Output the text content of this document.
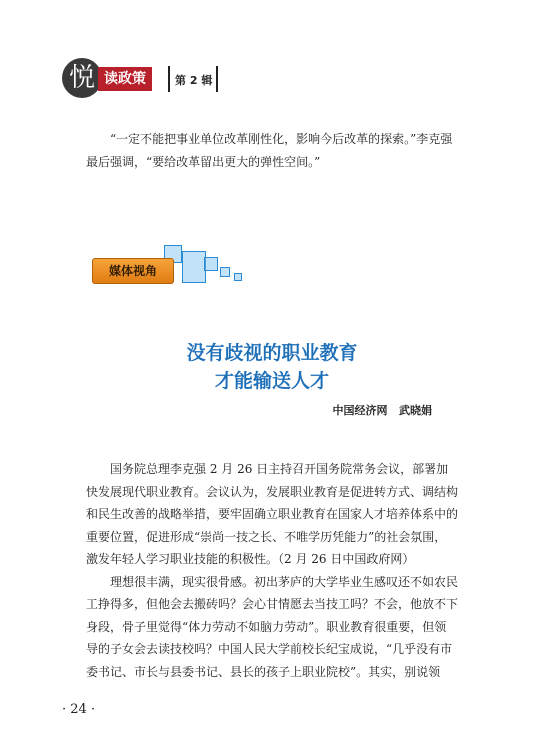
悦 读政策	第 2 辑

“一定不能把事业单位改革刚性化，影响今后改革的探索。”李克强最后强调，“要给改革留出更大的弹性空间。”

媒体视角
没有歧视的职业教育
才能输送人才
中国经济网 武晓娟

国务院总理李克强 2 月 26 日主持召开国务院常务会议，部署加快发展现代职业教育。会议认为，发展职业教育是促进转方式、调结构和民生改善的战略举措，要牢固确立职业教育在国家人才培养体系中的重要位置，促进形成“崇尚一技之长、不唯学历凭能力”的社会氛围，激发年轻人学习职业技能的积极性。（2 月 26 日中国政府网）

理想很丰满，现实很骨感。初出茅庐的大学毕业生感叹还不如农民工挣得多，但他会去搬砖吗？会心甘情愿去当技工吗？不会，他放不下身段，骨子里觉得“体力劳动不如脑力劳动”。职业教育很重要，但领导的子女会去读技校吗？中国人民大学前校长纪宝成说，“几乎没有市委书记、市长与县委书记、县长的孩子上职业院校”。其实，别说领

· 24 ·
